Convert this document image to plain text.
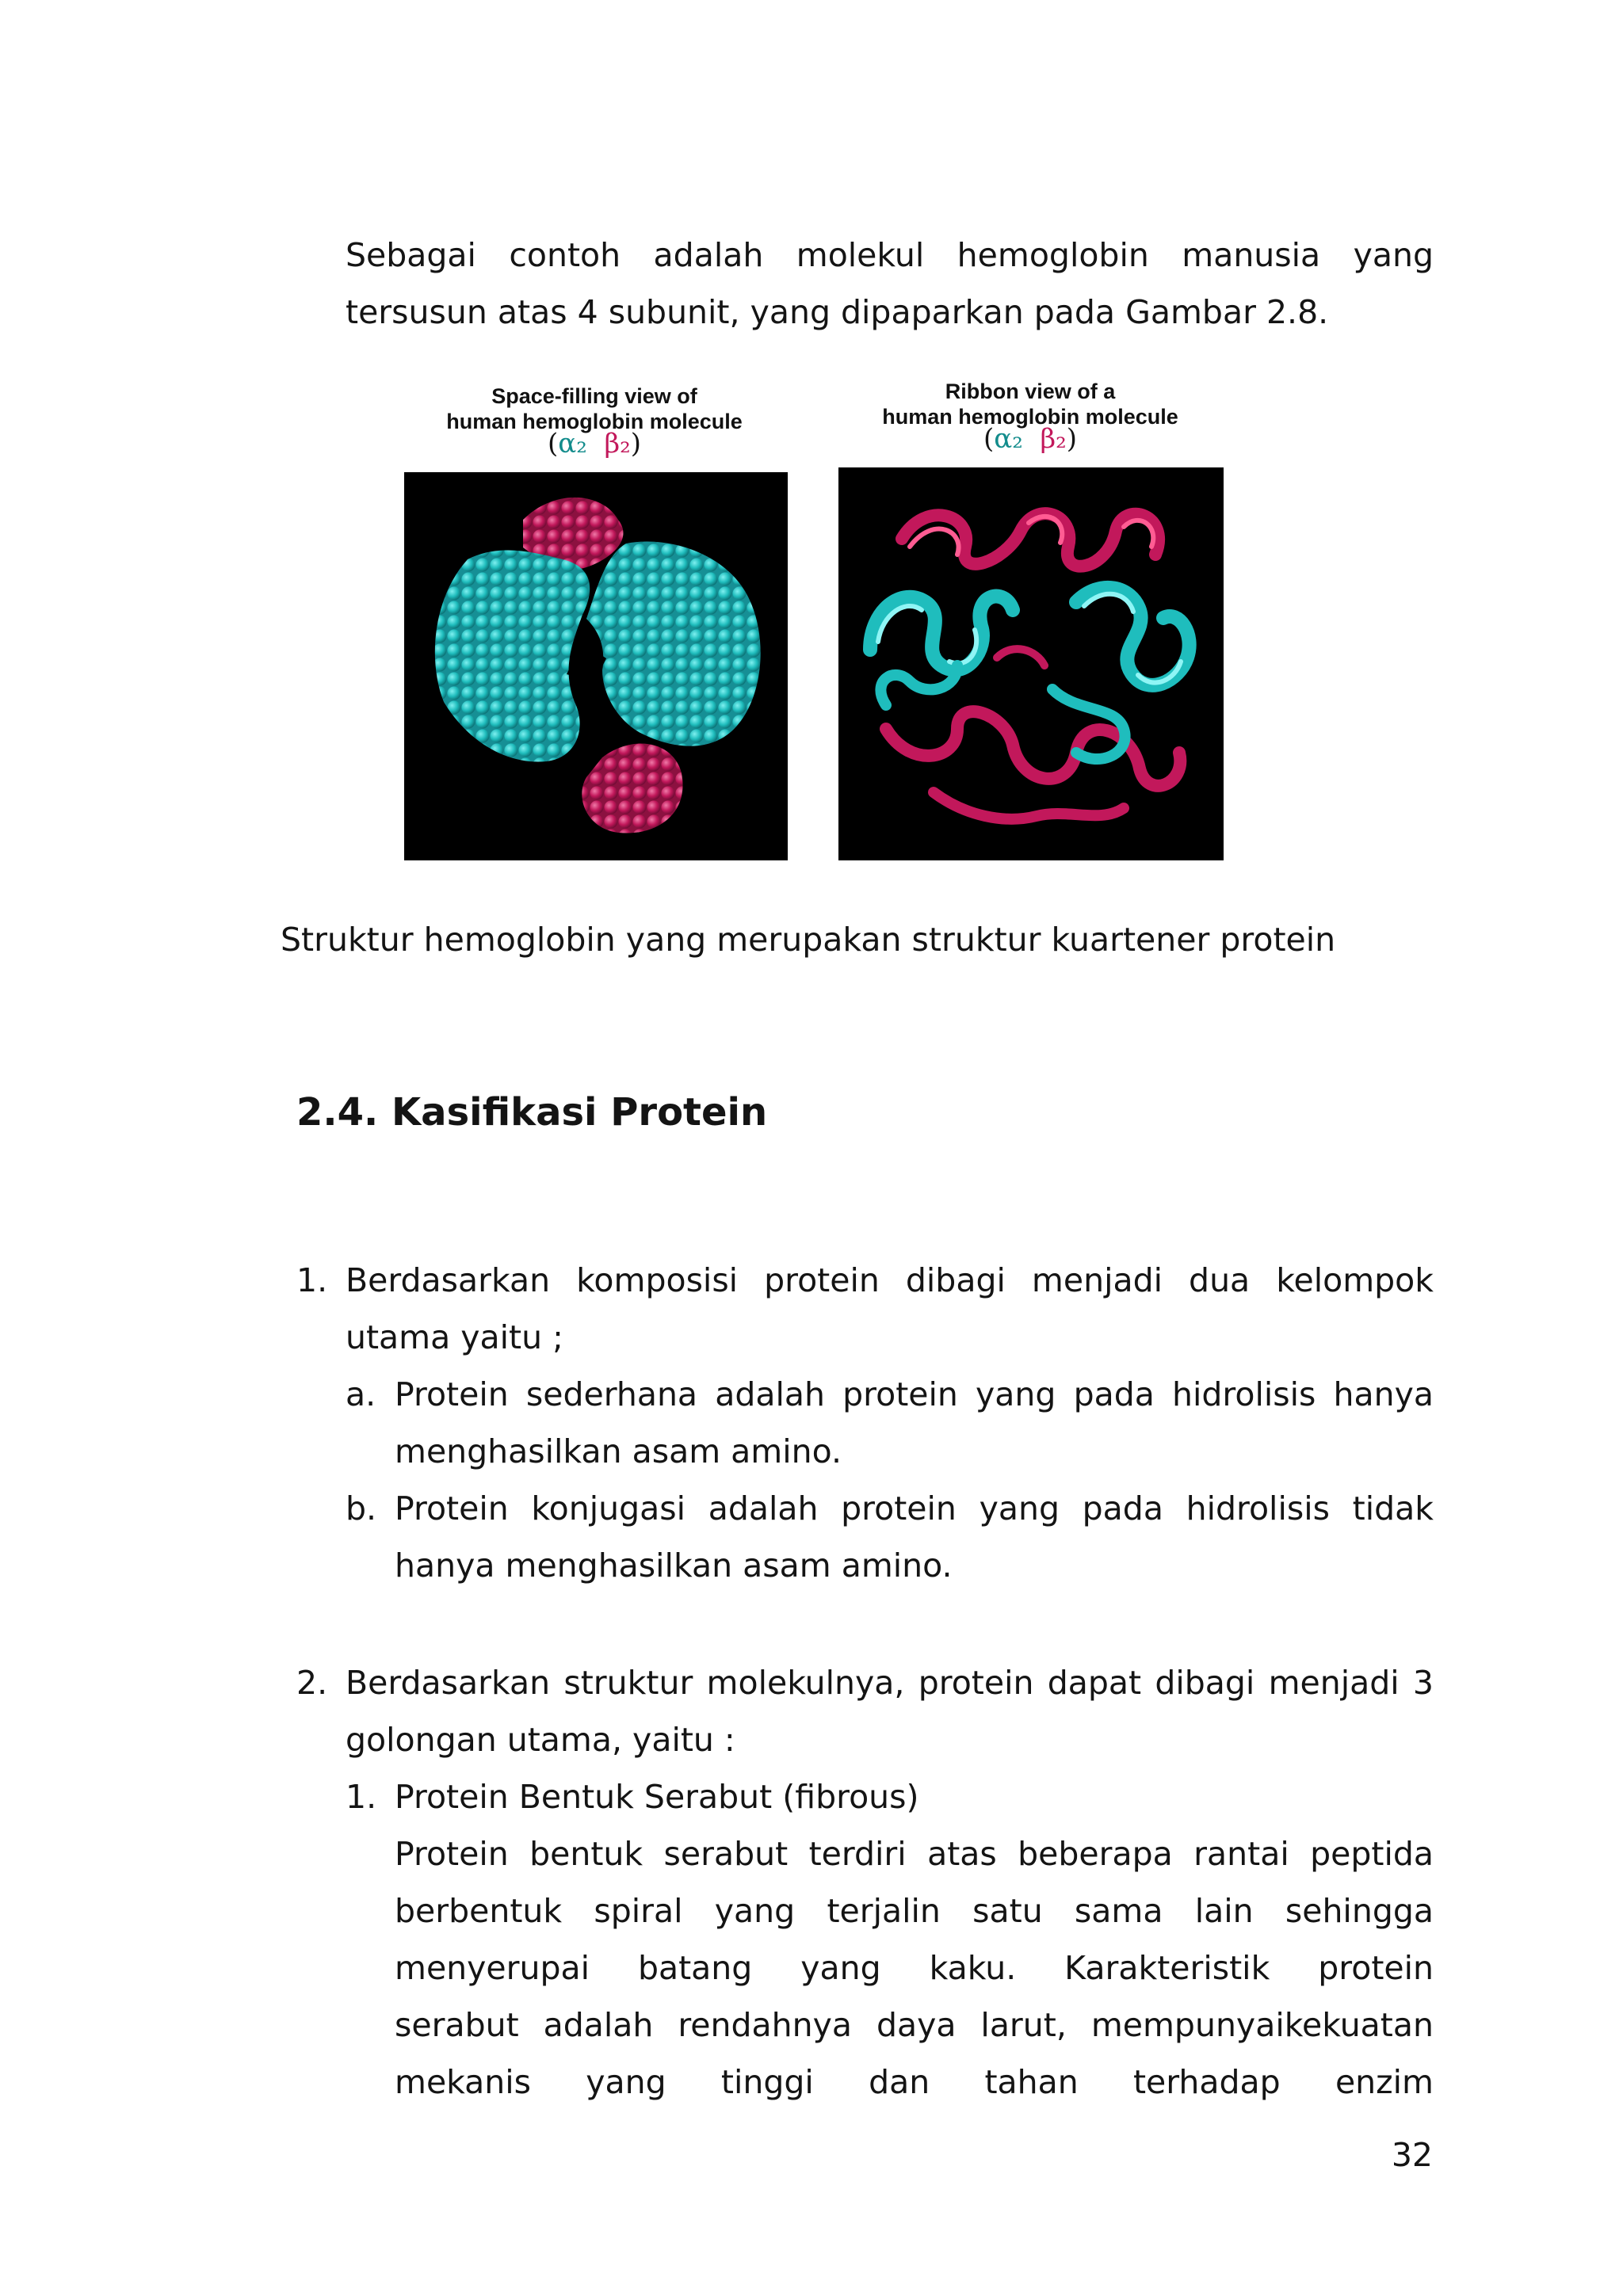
Sebagai contoh adalah molekul hemoglobin manusia yang
tersusun atas 4 subunit, yang dipaparkan pada Gambar 2.8.

Space-filling view of
human hemoglobin molecule
(α₂ β₂)
Ribbon view of a
human hemoglobin molecule
(α₂ β₂)

Struktur hemoglobin yang merupakan struktur kuartener protein

2.4. Kasifikasi Protein
1. Berdasarkan komposisi protein dibagi menjadi dua kelompok
utama yaitu ;
a. Protein sederhana adalah protein yang pada hidrolisis hanya
menghasilkan asam amino.
b. Protein konjugasi adalah protein yang pada hidrolisis tidak
hanya menghasilkan asam amino.
2. Berdasarkan struktur molekulnya, protein dapat dibagi menjadi 3
golongan utama, yaitu :
1. Protein Bentuk Serabut (fibrous)
Protein bentuk serabut terdiri atas beberapa rantai peptida
berbentuk spiral yang terjalin satu sama lain sehingga
menyerupai batang yang kaku. Karakteristik protein
serabut adalah rendahnya daya larut, mempunyaikekuatan
mekanis yang tinggi dan tahan terhadap enzim
32
